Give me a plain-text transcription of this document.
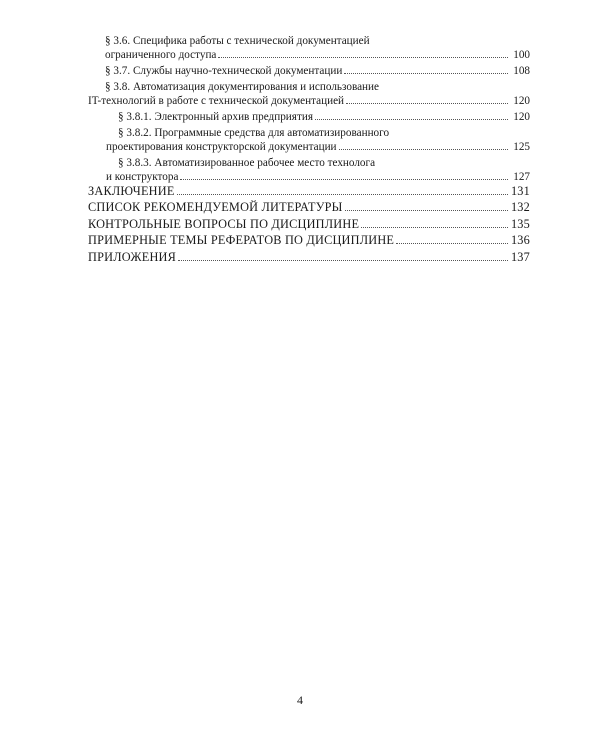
§ 3.6. Специфика работы с технической документацией
ограниченного доступа	100
§ 3.7. Службы научно-технической документации	108
§ 3.8. Автоматизация документирования и использование
IT-технологий в работе с технической документацией	120
§ 3.8.1. Электронный архив предприятия	120
§ 3.8.2. Программные средства для автоматизированного
проектирования конструкторской документации	125
§ 3.8.3. Автоматизированное рабочее место технолога
и конструктора	127
ЗАКЛЮЧЕНИЕ	131
СПИСОК РЕКОМЕНДУЕМОЙ ЛИТЕРАТУРЫ	132
КОНТРОЛЬНЫЕ ВОПРОСЫ ПО ДИСЦИПЛИНЕ	135
ПРИМЕРНЫЕ ТЕМЫ РЕФЕРАТОВ ПО ДИСЦИПЛИНЕ	136
ПРИЛОЖЕНИЯ	137
4
